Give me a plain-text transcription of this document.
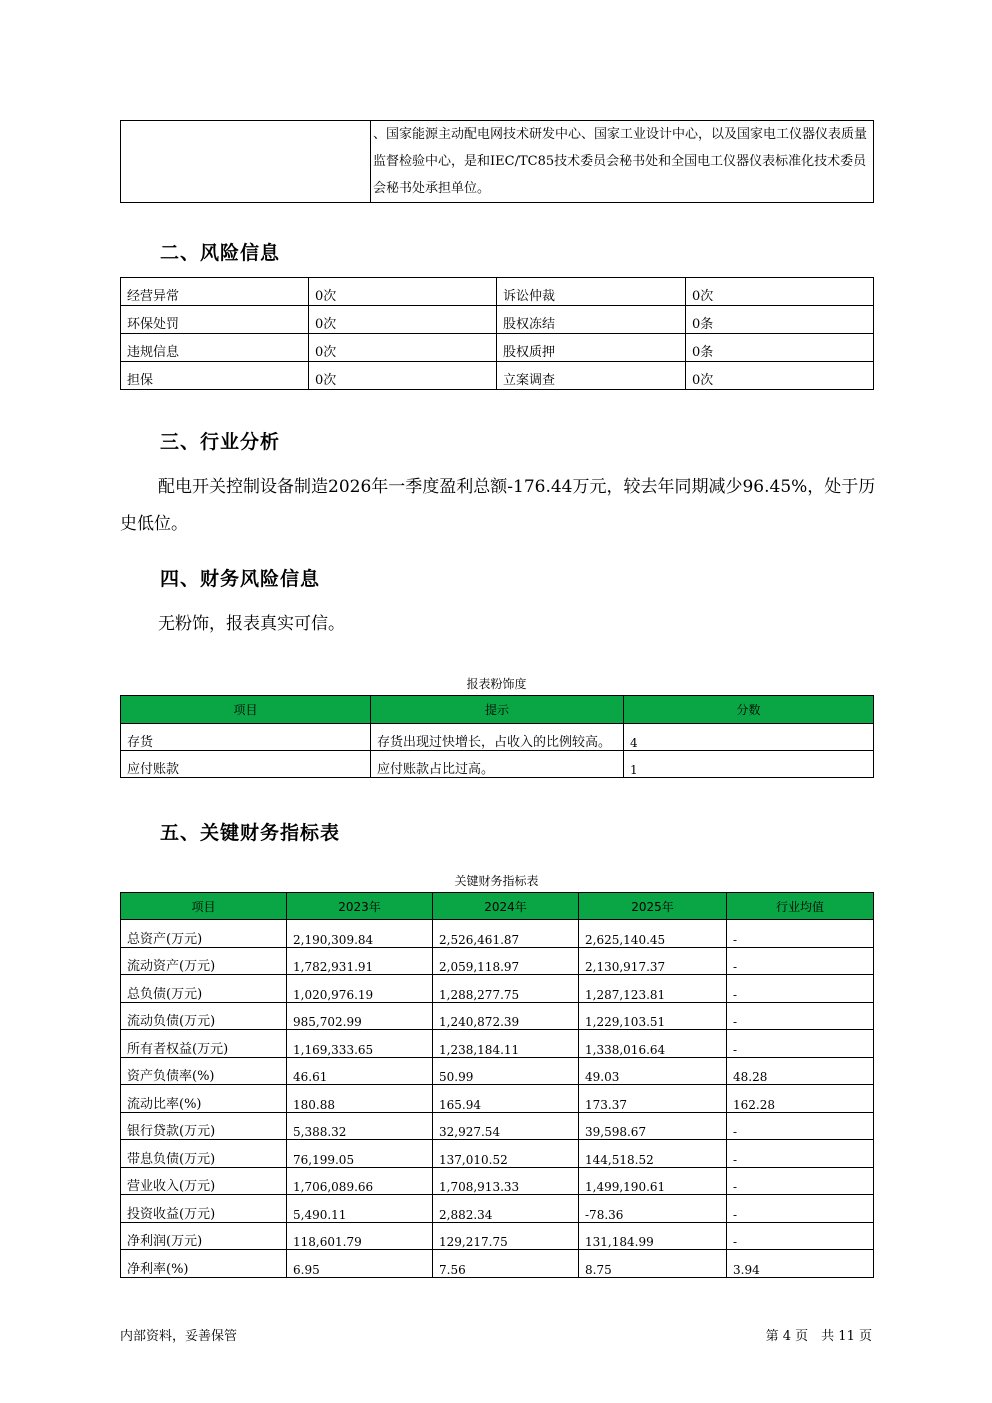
	、国家能源主动配电网技术研发中心、国家工业设计中心，以及国家电工仪器仪表质量监督检验中心，是和IEC/TC85技术委员会秘书处和全国电工仪器仪表标准化技术委员会秘书处承担单位。
二、风险信息
经营异常	0次	诉讼仲裁	0次
环保处罚	0次	股权冻结	0条
违规信息	0次	股权质押	0条
担保	0次	立案调查	0次
三、行业分析
配电开关控制设备制造2026年一季度盈利总额-176.44万元，较去年同期减少96.45%，处于历史低位。
四、财务风险信息
无粉饰，报表真实可信。
报表粉饰度
项目	提示	分数
存货	存货出现过快增长，占收入的比例较高。	4
应付账款	应付账款占比过高。	1
五、关键财务指标表
关键财务指标表
项目	2023年	2024年	2025年	行业均值
总资产(万元)	2,190,309.84	2,526,461.87	2,625,140.45	-
流动资产(万元)	1,782,931.91	2,059,118.97	2,130,917.37	-
总负债(万元)	1,020,976.19	1,288,277.75	1,287,123.81	-
流动负债(万元)	985,702.99	1,240,872.39	1,229,103.51	-
所有者权益(万元)	1,169,333.65	1,238,184.11	1,338,016.64	-
资产负债率(%)	46.61	50.99	49.03	48.28
流动比率(%)	180.88	165.94	173.37	162.28
银行贷款(万元)	5,388.32	32,927.54	39,598.67	-
带息负债(万元)	76,199.05	137,010.52	144,518.52	-
营业收入(万元)	1,706,089.66	1,708,913.33	1,499,190.61	-
投资收益(万元)	5,490.11	2,882.34	-78.36	-
净利润(万元)	118,601.79	129,217.75	131,184.99	-
净利率(%)	6.95	7.56	8.75	3.94
内部资料，妥善保管	第 4 页　共 11 页
